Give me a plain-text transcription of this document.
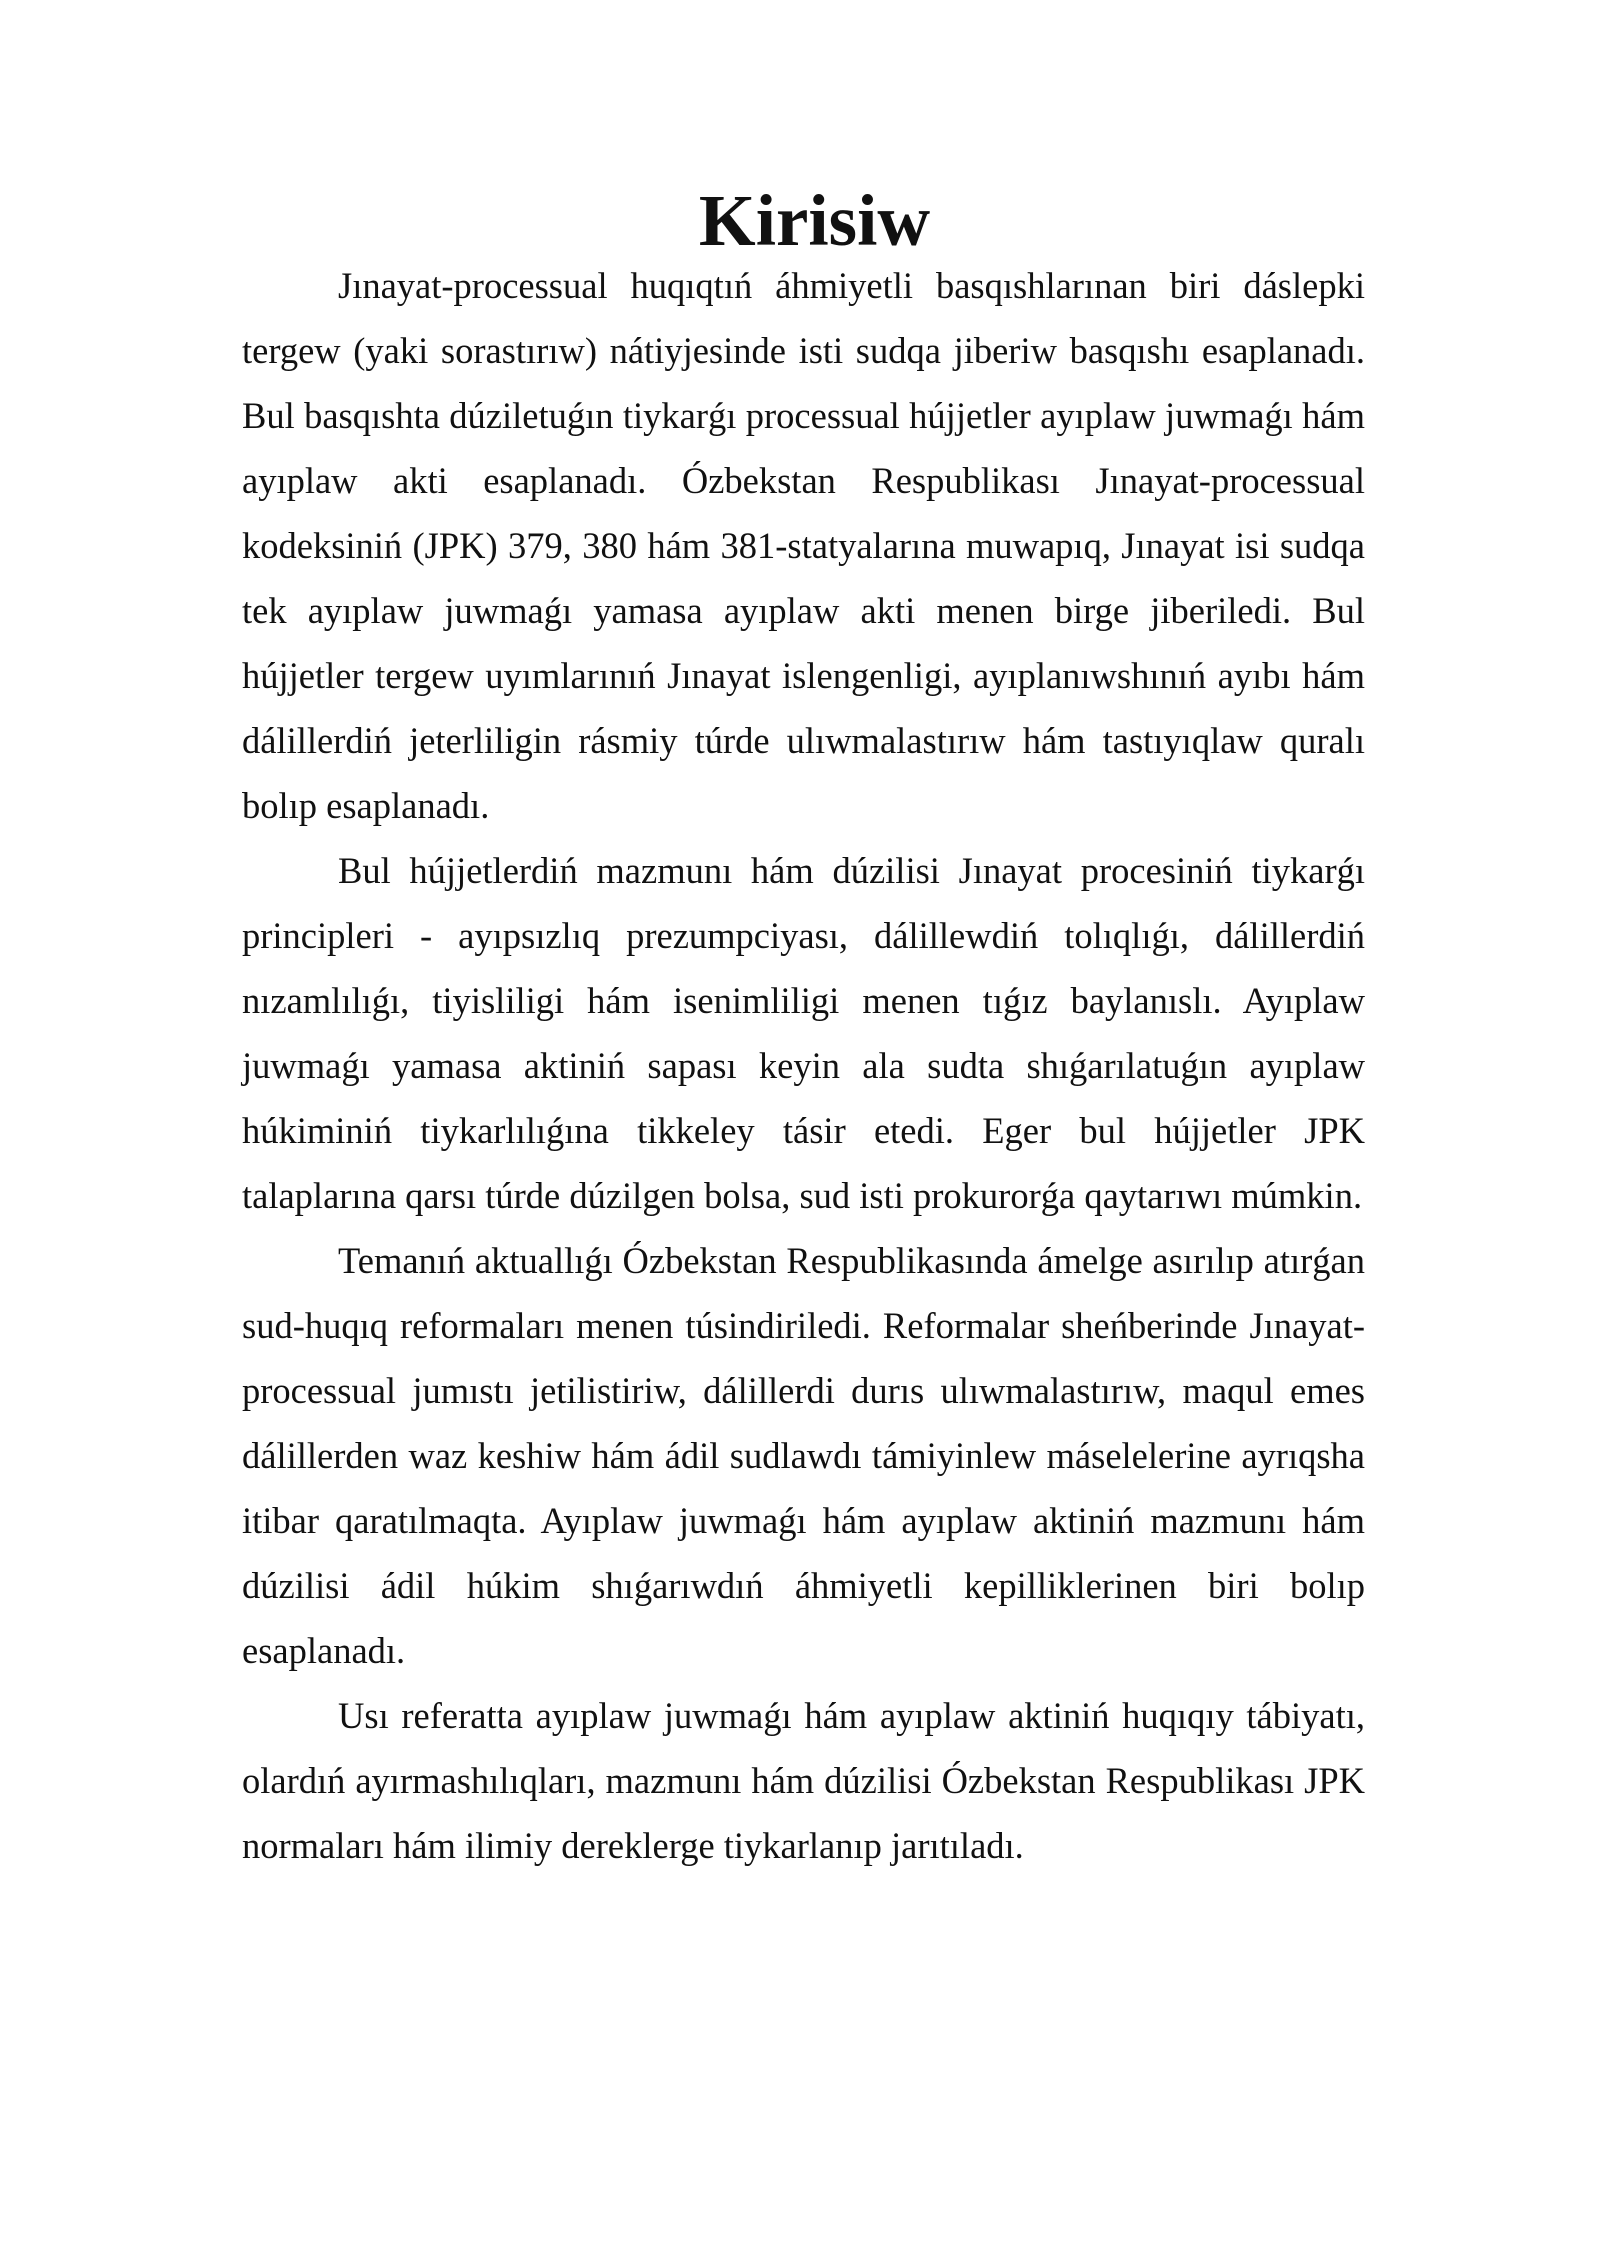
Kirisiw

Jınayat-processual huqıqtıń áhmiyetli basqıshlarınan biri dáslepki tergew (yaki sorastırıw) nátiyjesinde isti sudqa jiberiw basqıshı esaplanadı. Bul basqıshta dúziletuǵın tiykarǵı processual hújjetler ayıplaw juwmaǵı hám ayıplaw akti esaplanadı. Ózbekstan Respublikası Jınayat-processual kodeksiniń (JPK) 379, 380 hám 381-statyalarına muwapıq, Jınayat isi sudqa tek ayıplaw juwmaǵı yamasa ayıplaw akti menen birge jiberiledi. Bul hújjetler tergew uyımlarınıń Jınayat islengenligi, ayıplanıwshınıń ayıbı hám dálillerdiń jeterliligin rásmiy túrde ulıwmalastırıw hám tastıyıqlaw quralı bolıp esaplanadı.

Bul hújjetlerdiń mazmunı hám dúzilisi Jınayat procesiniń tiykarǵı principleri - ayıpsızlıq prezumpciyası, dálillewdiń tolıqlıǵı, dálillerdiń nızamlılıǵı, tiyisliligi hám isenimliligi menen tıǵız baylanıslı. Ayıplaw juwmaǵı yamasa aktiniń sapası keyin ala sudta shıǵarılatuǵın ayıplaw húkiminiń tiykarlılıǵına tikkeley tásir etedi. Eger bul hújjetler JPK talaplarına qarsı túrde dúzilgen bolsa, sud isti prokurorǵa qaytarıwı múmkin.

Temanıń aktuallıǵı Ózbekstan Respublikasında ámelge asırılıp atırǵan sud-huqıq reformaları menen túsindiriledi. Reformalar sheńberinde Jınayat-processual jumıstı jetilistiriw, dálillerdi durıs ulıwmalastırıw, maqul emes dálillerden waz keshiw hám ádil sudlawdı támiyinlew máselelerine ayrıqsha itibar qaratılmaqta. Ayıplaw juwmaǵı hám ayıplaw aktiniń mazmunı hám dúzilisi ádil húkim shıǵarıwdıń áhmiyetli kepilliklerinen biri bolıp esaplanadı.

Usı referatta ayıplaw juwmaǵı hám ayıplaw aktiniń huqıqıy tábiyatı, olardıń ayırmashılıqları, mazmunı hám dúzilisi Ózbekstan Respublikası JPK normaları hám ilimiy dereklerge tiykarlanıp jarıtıladı.
